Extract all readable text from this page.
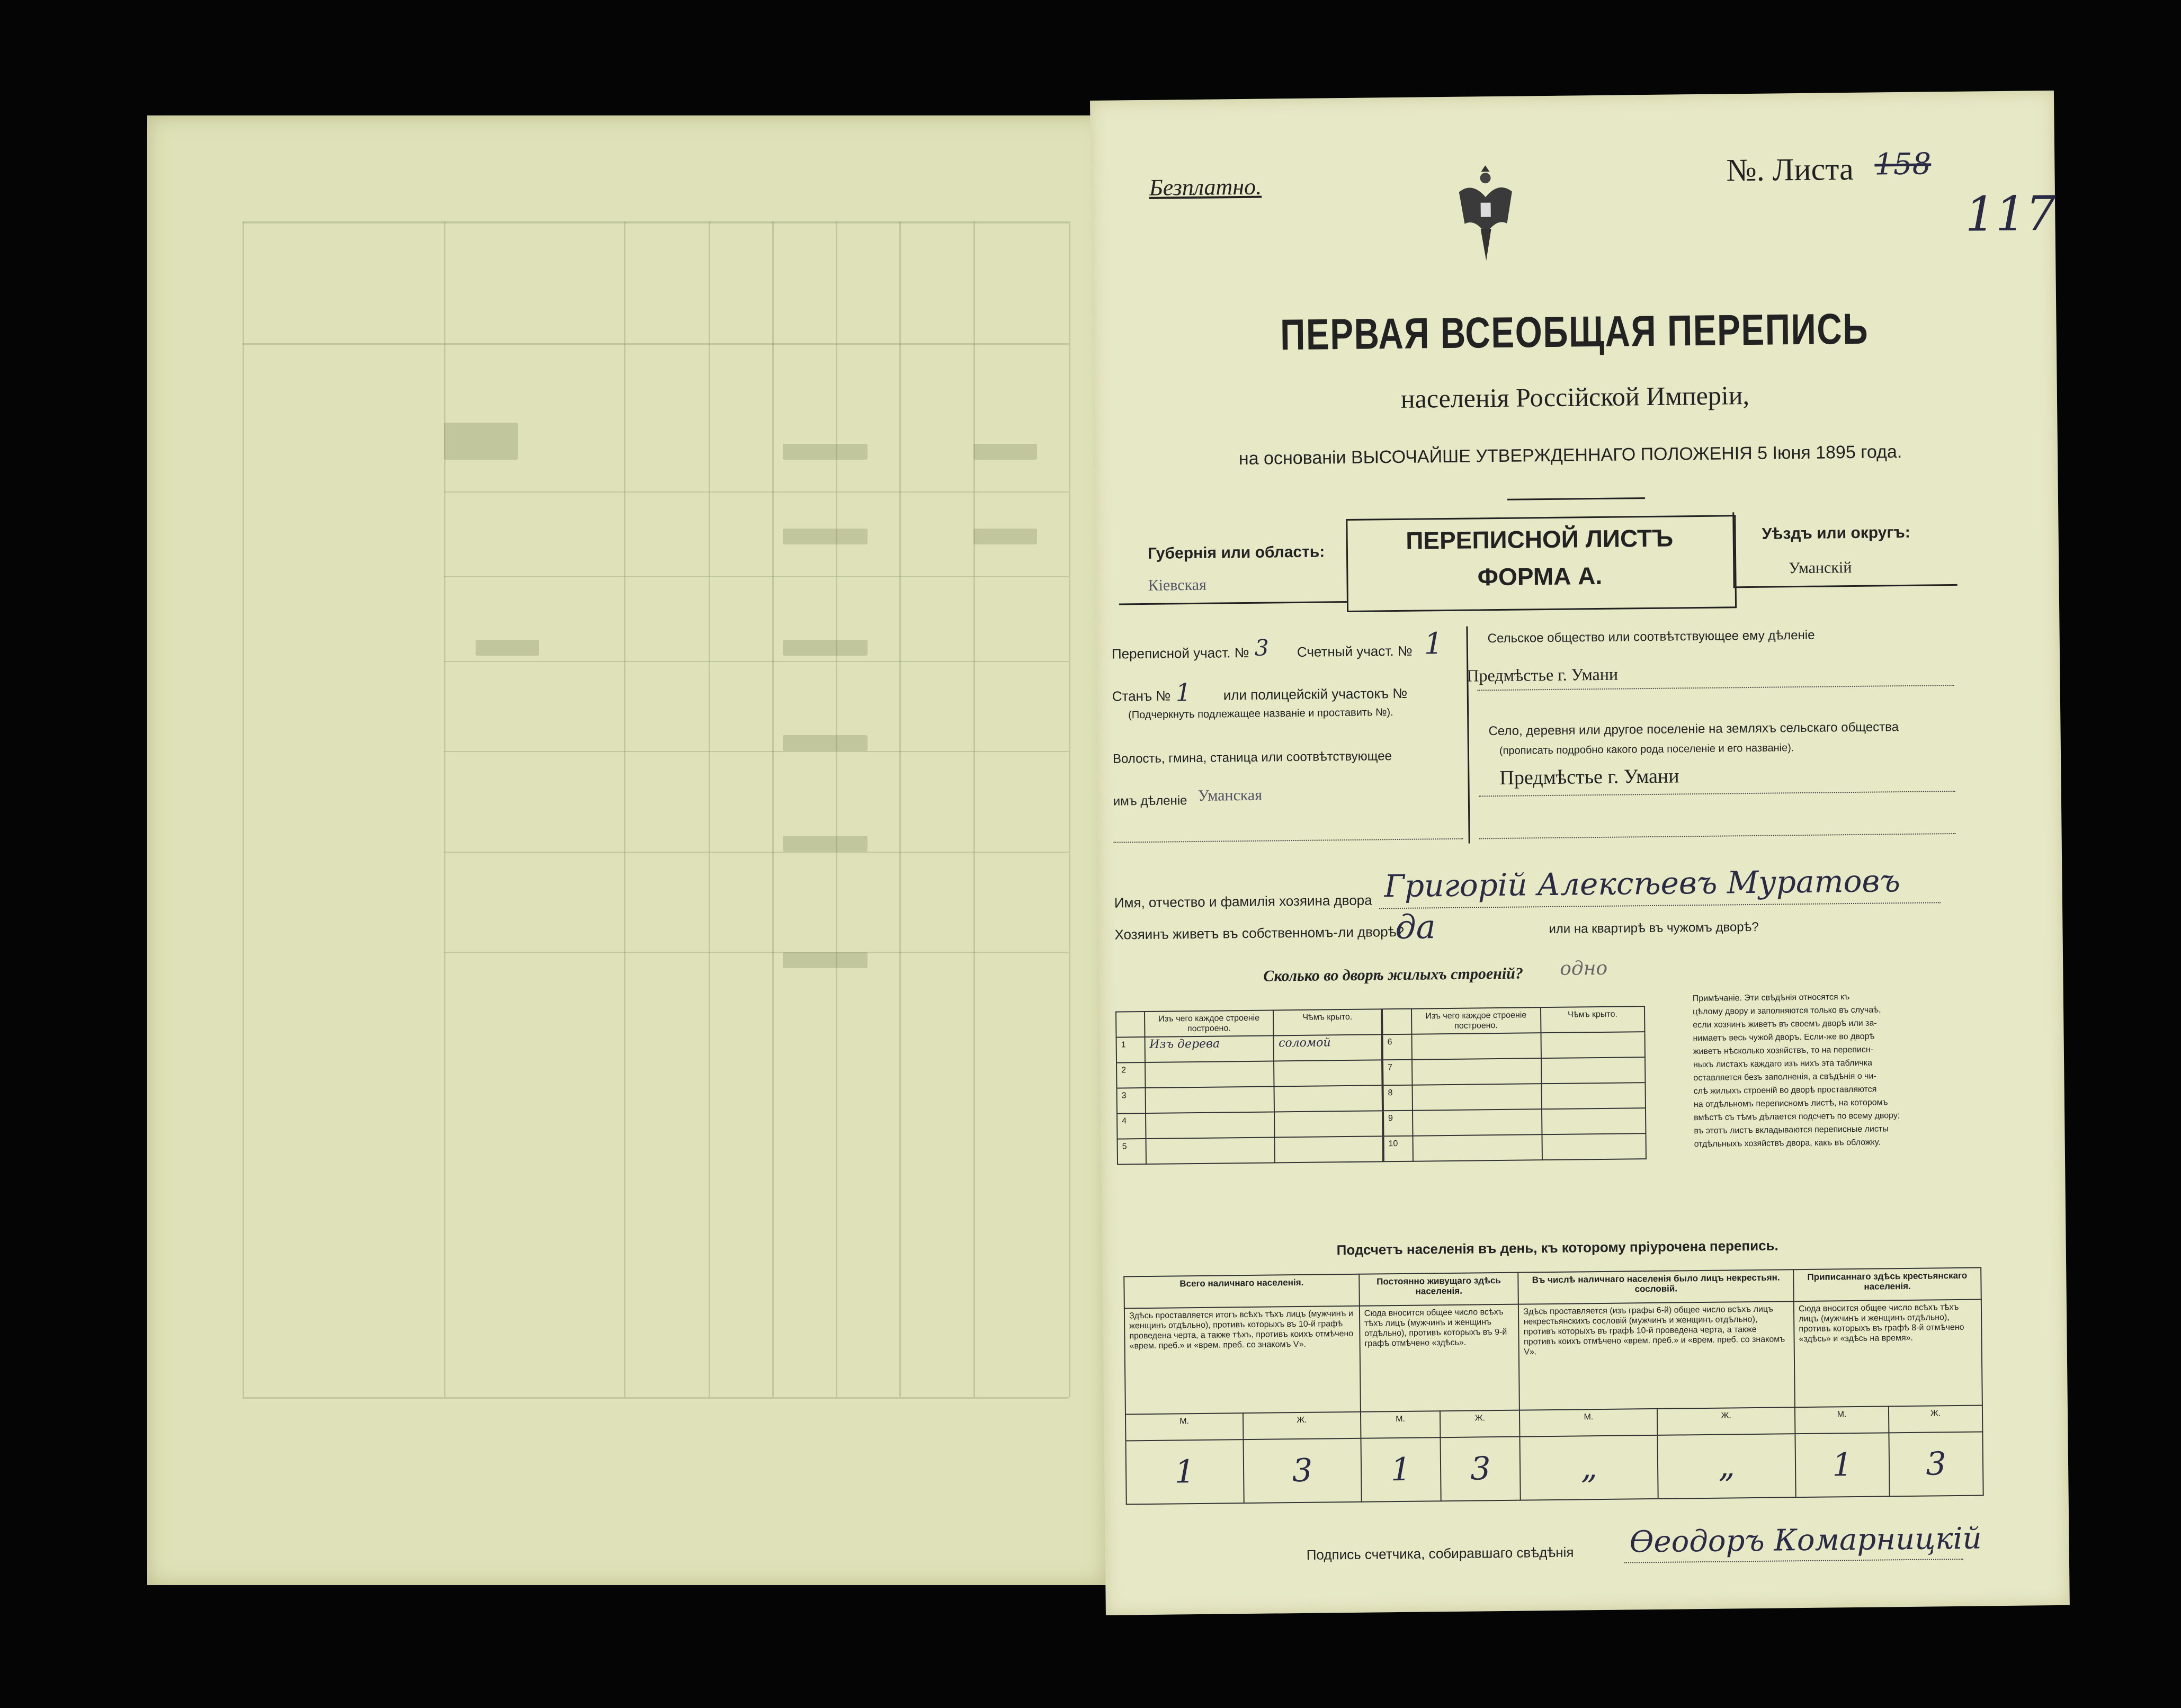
Безплатно.	№. Листа 158
117
ПЕРВАЯ ВСЕОБЩАЯ ПЕРЕПИСЬ
населенія Россійской Имперіи,
на основаніи ВЫСОЧАЙШЕ УТВЕРЖДЕННАГО ПОЛОЖЕНІЯ 5 Іюня 1895 года.
Губернія или область:
Кіевская
ПЕРЕПИСНОЙ ЛИСТЪ
ФОРМА А.
Уѣздъ или округъ:
Уманскій
Переписной участ. № 3 Счетный участ. № 1
Станъ № 1 или полицейскій участокъ №
(Подчеркнуть подлежащее названіе и проставить №).
Волость, гмина, станица или соотвѣтствующее
имъ дѣленіе Уманская
Сельское общество или соотвѣтствующее ему дѣленіе
Предмѣстье г. Умани
Село, деревня или другое поселеніе на земляхъ сельскаго общества
(прописать подробно какого рода поселеніе и его названіе).
Предмѣстье г. Умани
Имя, отчество и фамилія хозяина двора Григорій Алексѣевъ Муратовъ
Хозяинъ живетъ въ собственномъ-ли дворѣ?
да	или на квартирѣ въ чужомъ дворѣ?
Сколько во дворѣ жилыхъ строеній? одно
	Изъ чего каждое строеніе построено.	Чѣмъ крыто.		Изъ чего каждое строеніе построено.	Чѣмъ крыто.
1	Изъ дерева	соломой	6		
2			7		
3			8		
4			9		
5			10		
Примѣчаніе. Эти свѣдѣнія относятся къ
цѣлому двору и заполняются только въ случаѣ,
если хозяинъ живетъ въ своемъ дворѣ или за-
нимаетъ весь чужой дворъ. Если-же во дворѣ
живетъ нѣсколько хозяйствъ, то на переписн-
ныхъ листахъ каждаго изъ нихъ эта табличка
оставляется безъ заполненія, а свѣдѣнія о чи-
слѣ жилыхъ строеній во дворѣ проставляются
на отдѣльномъ переписномъ листѣ, на которомъ
вмѣстѣ съ тѣмъ дѣлается подсчетъ по всему двору;
въ этотъ листъ вкладываются переписные листы
отдѣльныхъ хозяйствъ двора, какъ въ обложку.
Подсчетъ населенія въ день, къ которому пріурочена перепись.
Всего наличнаго населенія.		Постоянно живущаго здѣсь населенія.		Въ числѣ наличнаго населенія было лицъ некрестьян. сословій.		Приписаннаго здѣсь крестьянскаго населенія.	
Здѣсь проставляется итогъ всѣхъ тѣхъ лицъ (мужчинъ и женщинъ отдѣльно), противъ которыхъ въ 10-й графѣ проведена черта, а также тѣхъ, противъ коихъ отмѣчено «врем. преб.» и «врем. преб. со знакомъ V».		Сюда вносится общее число всѣхъ тѣхъ лицъ (мужчинъ и женщинъ отдѣльно), противъ которыхъ въ 9-й графѣ отмѣчено «здѣсь».		Здѣсь проставляется (изъ графы 6-й) общее число всѣхъ лицъ некрестьянскихъ сословій (мужчинъ и женщинъ отдѣльно), противъ которыхъ въ графѣ 10-й проведена черта, а также противъ коихъ отмѣчено «врем. преб.» и «врем. преб. со знакомъ V».		Сюда вносится общее число всѣхъ тѣхъ лицъ (мужчинъ и женщинъ отдѣльно), противъ которыхъ въ графѣ 8-й отмѣчено «здѣсь» и «здѣсь на время».	
М.	Ж.	М.	Ж.	М.	Ж.	М.	Ж.
1	3	1	3	„	„	1	3
Подпись счетчика, собиравшаго свѣдѣнія Ѳеодоръ Комарницкій
